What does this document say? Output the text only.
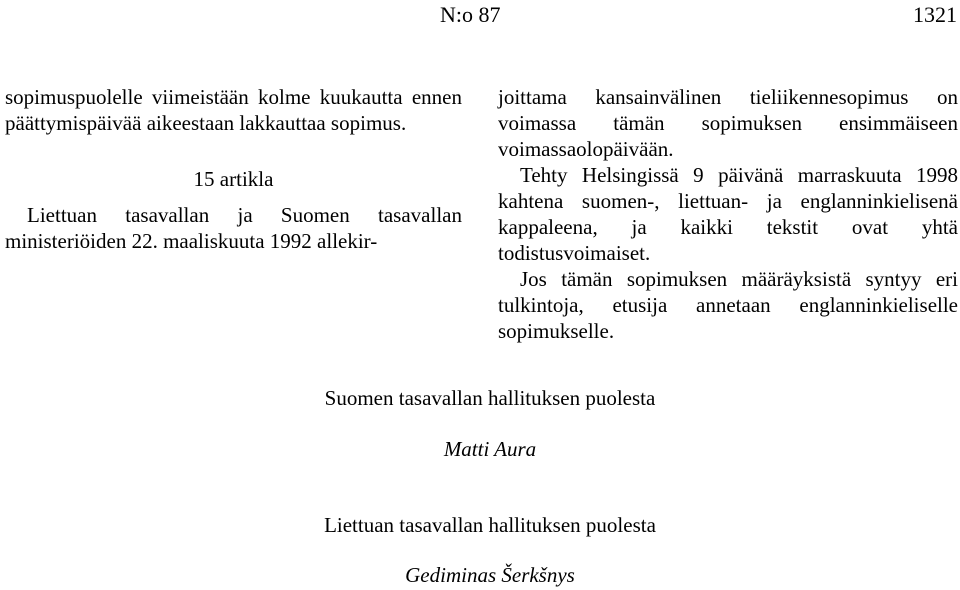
N:o 87	1321

sopimuspuolelle viimeistään kolme kuukautta ennen päättymispäivää aikeestaan lakkauttaa sopimus.

15 artikla

Liettuan tasavallan ja Suomen tasavallan ministeriöiden 22. maaliskuuta 1992 allekir-

joittama kansainvälinen tieliikennesopimus on voimassa tämän sopimuksen ensimmäiseen voimassaolopäivään.

Tehty Helsingissä 9 päivänä marraskuuta 1998 kahtena suomen-, liettuan- ja englanninkielisenä kappaleena, ja kaikki tekstit ovat yhtä todistusvoimaiset.

Jos tämän sopimuksen määräyksistä syntyy eri tulkintoja, etusija annetaan englanninkieliselle sopimukselle.

Suomen tasavallan hallituksen puolesta
Matti Aura
Liettuan tasavallan hallituksen puolesta
Gediminas Šerkšnys
